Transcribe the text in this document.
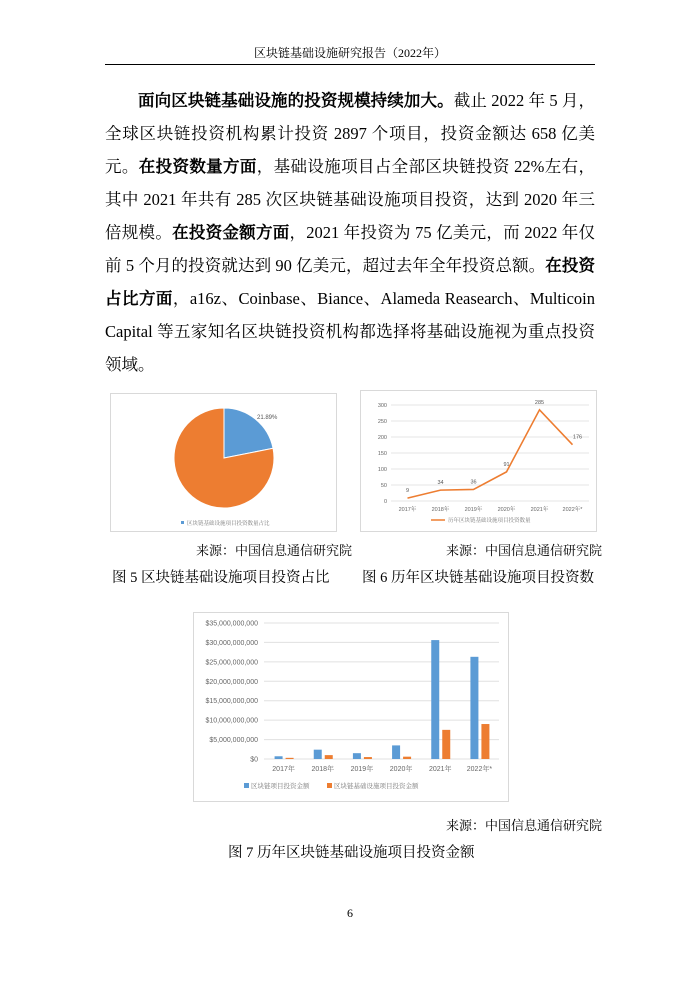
区块链基础设施研究报告（2022年）
面向区块链基础设施的投资规模持续加大。截止 2022 年 5 月，全球区块链投资机构累计投资 2897 个项目，投资金额达 658 亿美元。在投资数量方面，基础设施项目占全部区块链投资 22%左右，其中 2021 年共有 285 次区块链基础设施项目投资，达到 2020 年三倍规模。在投资金额方面，2021 年投资为 75 亿美元，而 2022 年仅前 5 个月的投资就达到 90 亿美元，超过去年全年投资总额。在投资占比方面，a16z、Coinbase、Biance、Alameda Reasearch、Multicoin Capital 等五家知名区块链投资机构都选择将基础设施视为重点投资领域。
21.89%
区块链基础设施项目投资数量占比
0
50
100
150
200
250
300
9
2017年
34
2018年
36
2019年
91
2020年
285
2021年
176
2022年*
历年区块链基础设施项目投资数量
来源：中国信息通信研究院	来源：中国信息通信研究院
图 5 区块链基础设施项目投资占比 图 6 历年区块链基础设施项目投资数
$0
$5,000,000,000
$10,000,000,000
$15,000,000,000
$20,000,000,000
$25,000,000,000
$30,000,000,000
$35,000,000,000
2017年 2018年 2019年 2020年 2021年 2022年*
区块链项目投资金额	区块链基础设施项目投资金额
来源：中国信息通信研究院
图 7 历年区块链基础设施项目投资金额
6
